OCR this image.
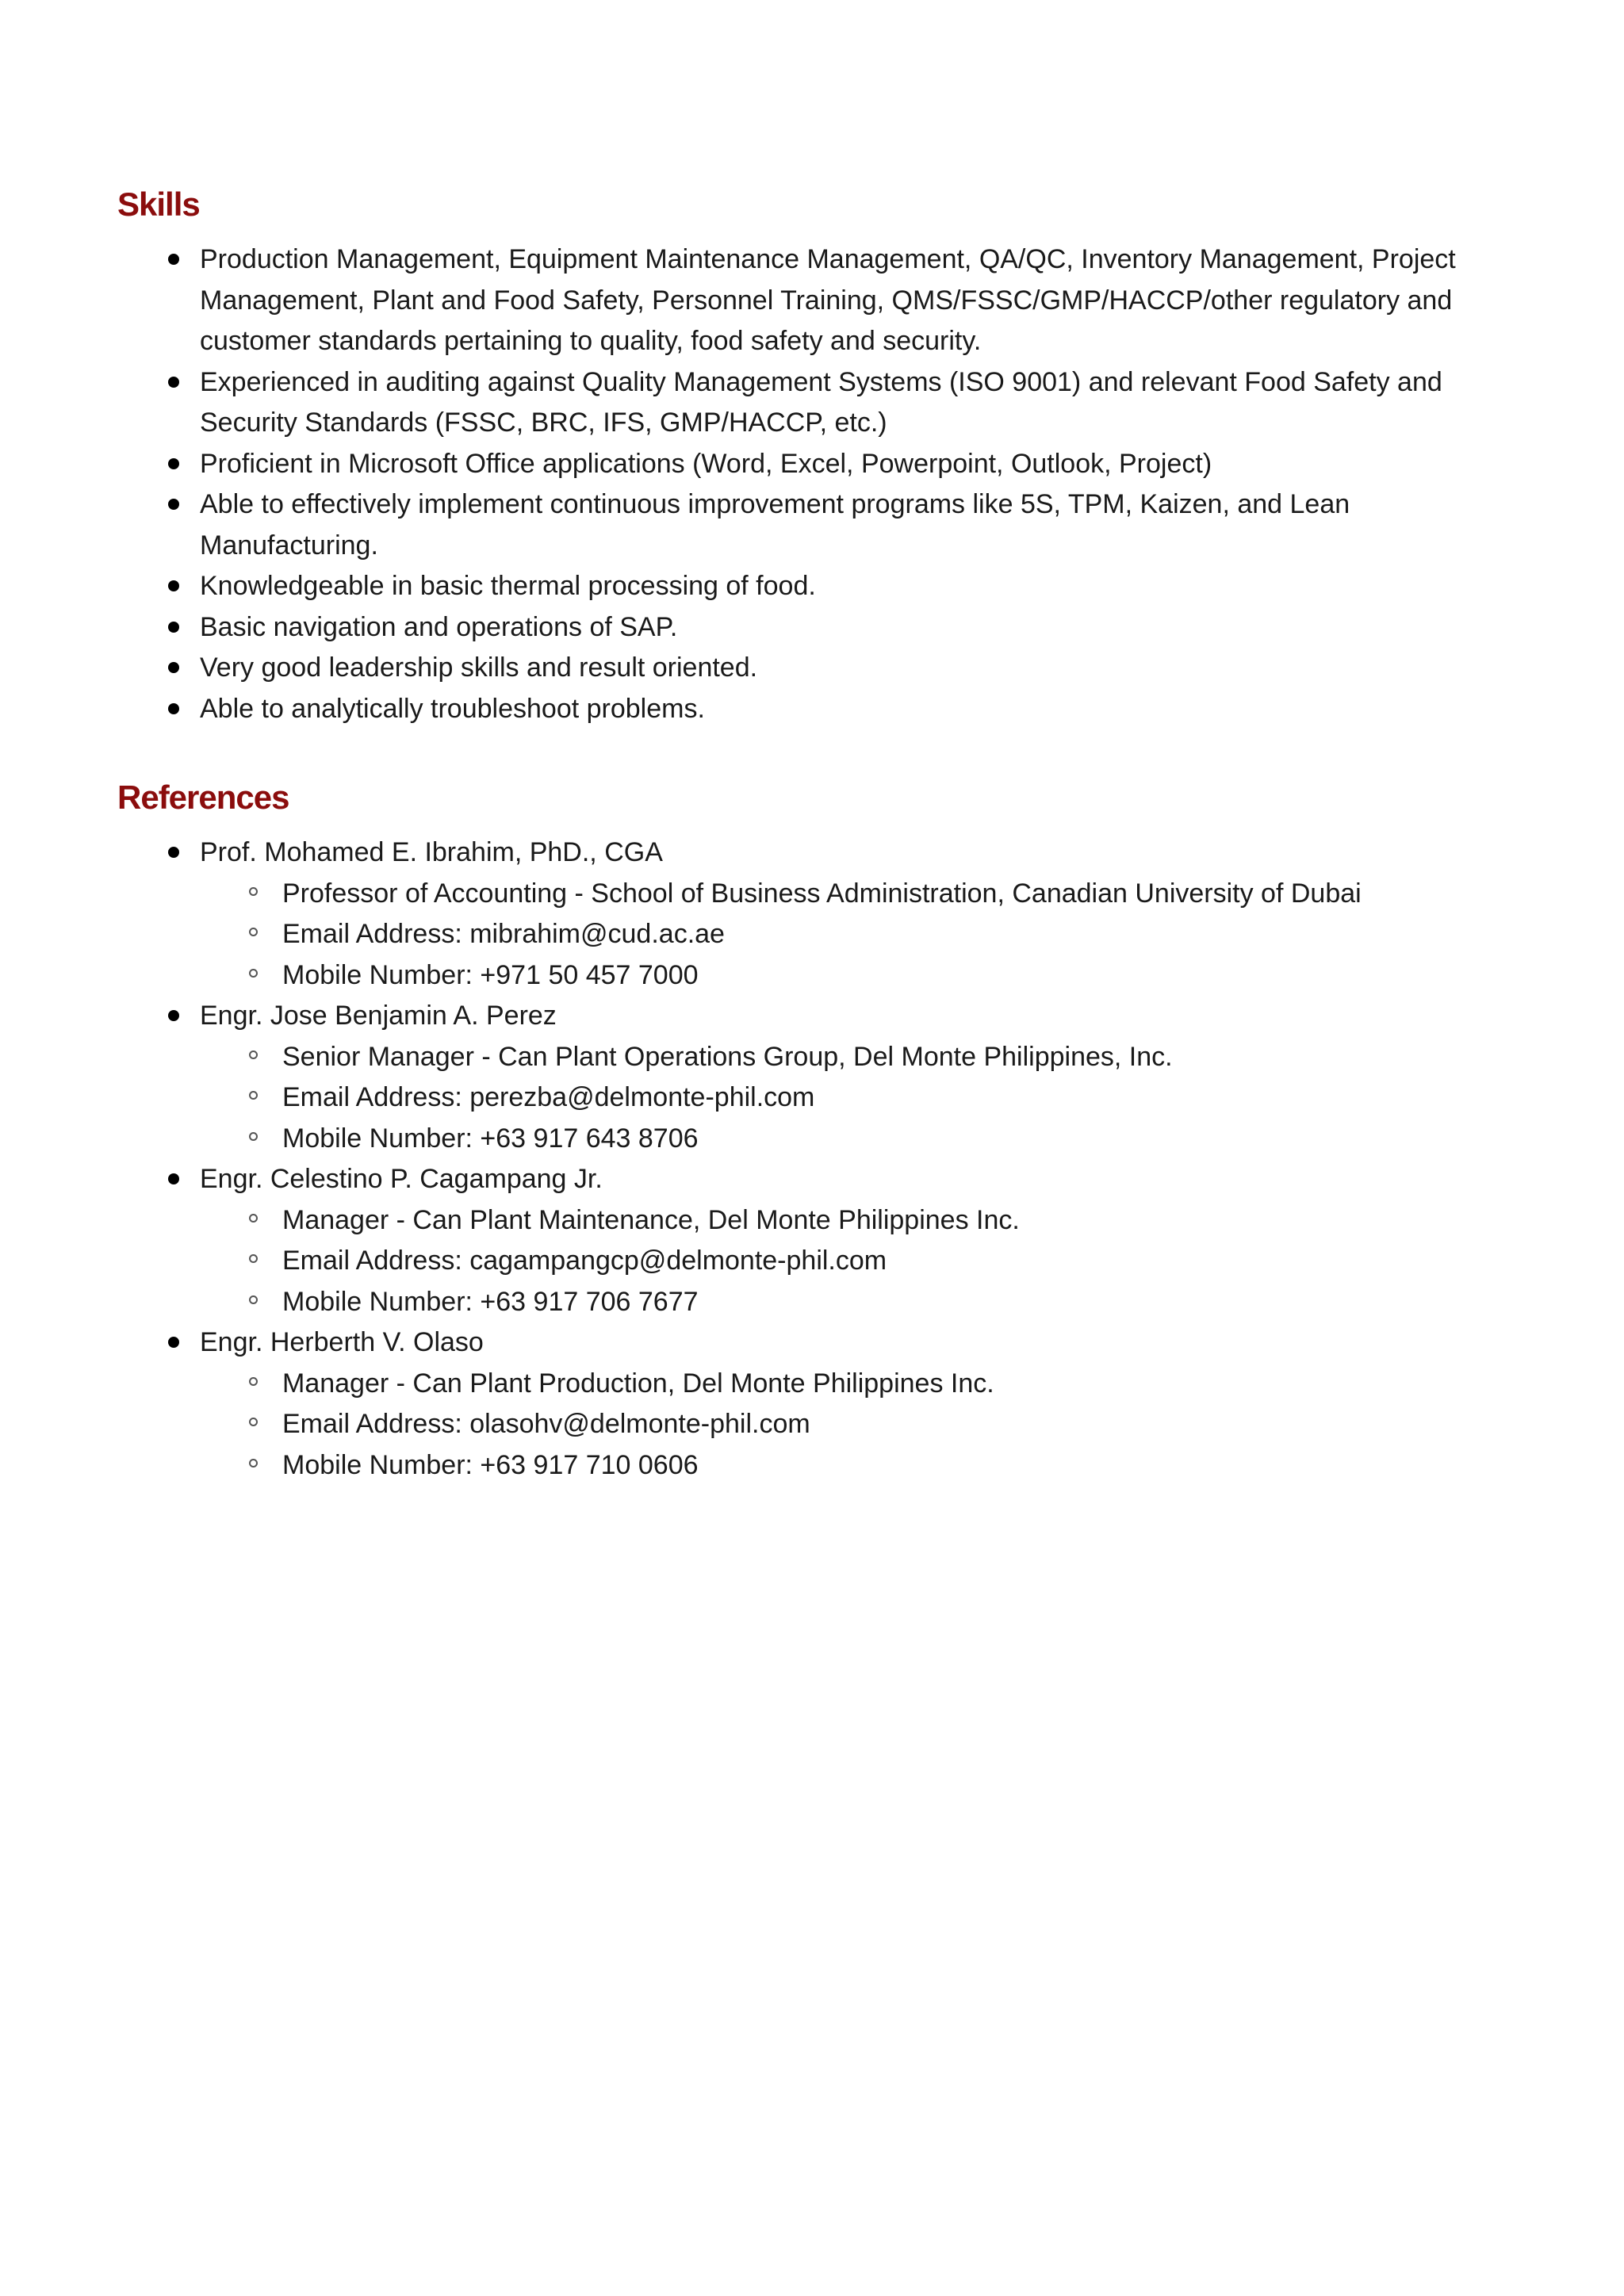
Skills
Production Management, Equipment Maintenance Management, QA/QC, Inventory Management, Project Management, Plant and Food Safety, Personnel Training, QMS/FSSC/GMP/HACCP/other regulatory and customer standards pertaining to quality, food safety and security.
Experienced in auditing against Quality Management Systems (ISO 9001) and relevant Food Safety and Security Standards (FSSC, BRC, IFS, GMP/HACCP, etc.)
Proficient in Microsoft Office applications (Word, Excel, Powerpoint, Outlook, Project)
Able to effectively implement continuous improvement programs like 5S, TPM, Kaizen, and Lean Manufacturing.
Knowledgeable in basic thermal processing of food.
Basic navigation and operations of SAP.
Very good leadership skills and result oriented.
Able to analytically troubleshoot problems.
References
Prof. Mohamed E. Ibrahim, PhD., CGA
Professor of Accounting - School of Business Administration, Canadian University of Dubai
Email Address: mibrahim@cud.ac.ae
Mobile Number: +971 50 457 7000
Engr. Jose Benjamin A. Perez
Senior Manager - Can Plant Operations Group, Del Monte Philippines, Inc.
Email Address: perezba@delmonte-phil.com
Mobile Number: +63 917 643 8706
Engr. Celestino P. Cagampang Jr.
Manager - Can Plant Maintenance, Del Monte Philippines Inc.
Email Address: cagampangcp@delmonte-phil.com
Mobile Number: +63 917 706 7677
Engr. Herberth V. Olaso
Manager - Can Plant Production, Del Monte Philippines Inc.
Email Address: olasohv@delmonte-phil.com
Mobile Number: +63 917 710 0606
